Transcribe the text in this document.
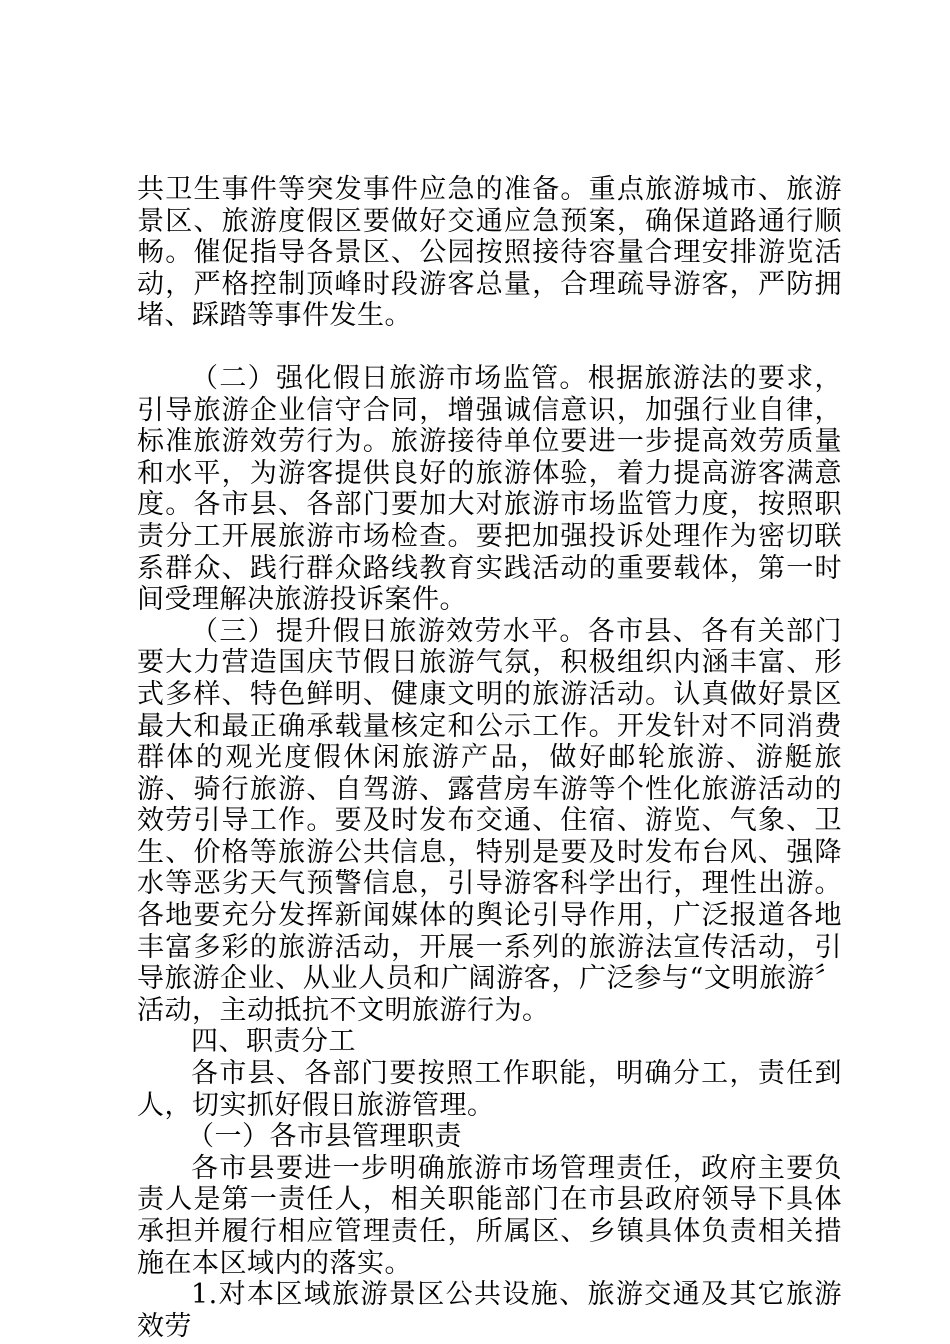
共卫生事件等突发事件应急的准备。重点旅游城市、旅游景区、旅游度假区要做好交通应急预案，确保道路通行顺畅。催促指导各景区、公园按照接待容量合理安排游览活动，严格控制顶峰时段游客总量，合理疏导游客，严防拥堵、踩踏等事件发生。

（二）强化假日旅游市场监管。根据旅游法的要求，引导旅游企业信守合同，增强诚信意识，加强行业自律，标准旅游效劳行为。旅游接待单位要进一步提高效劳质量和水平，为游客提供良好的旅游体验，着力提高游客满意度。各市县、各部门要加大对旅游市场监管力度，按照职责分工开展旅游市场检查。要把加强投诉处理作为密切联系群众、践行群众路线教育实践活动的重要载体，第一时间受理解决旅游投诉案件。

（三）提升假日旅游效劳水平。各市县、各有关部门要大力营造国庆节假日旅游气氛，积极组织内涵丰富、形式多样、特色鲜明、健康文明的旅游活动。认真做好景区最大和最正确承载量核定和公示工作。开发针对不同消费群体的观光度假休闲旅游产品，做好邮轮旅游、游艇旅游、骑行旅游、自驾游、露营房车游等个性化旅游活动的效劳引导工作。要及时发布交通、住宿、游览、气象、卫生、价格等旅游公共信息，特别是要及时发布台风、强降水等恶劣天气预警信息，引导游客科学出行，理性出游。各地要充分发挥新闻媒体的舆论引导作用，广泛报道各地丰富多彩的旅游活动，开展一系列的旅游法宣传活动，引导旅游企业、从业人员和广阔游客，广泛参与“文明旅游〞活动，主动抵抗不文明旅游行为。

四、职责分工

各市县、各部门要按照工作职能，明确分工，责任到人，切实抓好假日旅游管理。

（一）各市县管理职责

各市县要进一步明确旅游市场管理责任，政府主要负责人是第一责任人，相关职能部门在市县政府领导下具体承担并履行相应管理责任，所属区、乡镇具体负责相关措施在本区域内的落实。

1.对本区域旅游景区公共设施、旅游交通及其它旅游效劳
